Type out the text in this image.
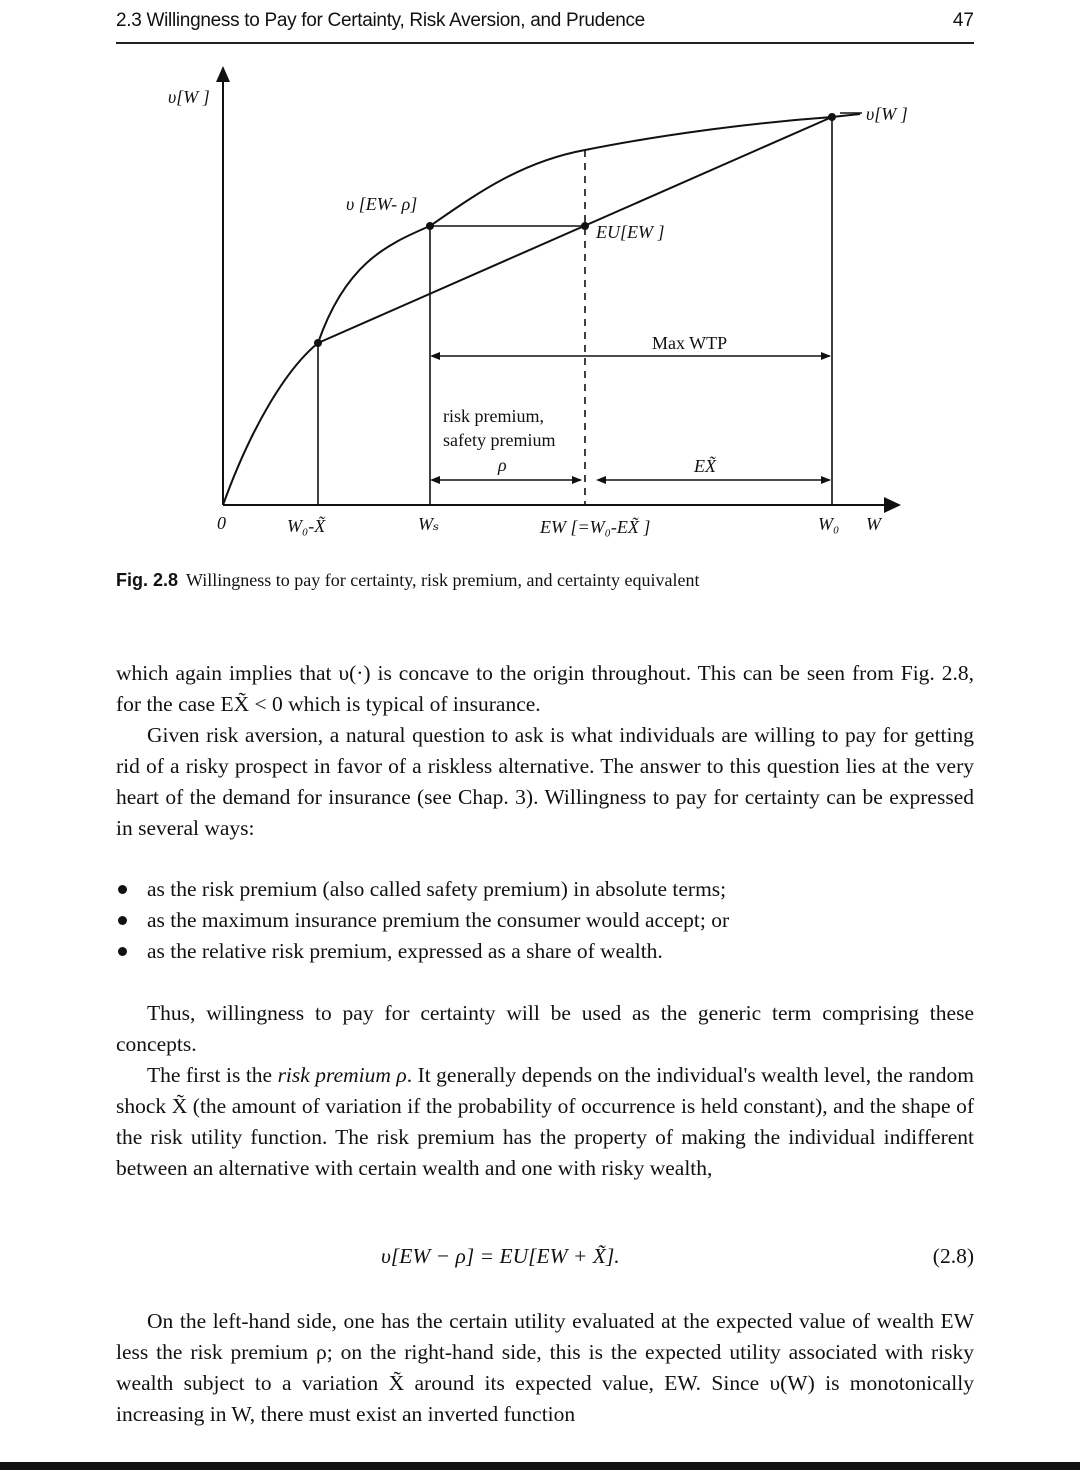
2.3 Willingness to Pay for Certainty, Risk Aversion, and Prudence	47
υ[W ]
υ[W ]
υ [EW- ρ]
EU[EW ]
Max WTP
risk premium,
safety premium
ρ	EX̃
0	W₀-X̃	Wₛ	EW [=W₀-EX̃ ]	W₀ W
Fig. 2.8 Willingness to pay for certainty, risk premium, and certainty equivalent

which again implies that υ(·) is concave to the origin throughout. This can be seen from Fig. 2.8, for the case EX̃ < 0 which is typical of insurance.

Given risk aversion, a natural question to ask is what individuals are willing to pay for getting rid of a risky prospect in favor of a riskless alternative. The answer to this question lies at the very heart of the demand for insurance (see Chap. 3). Willingness to pay for certainty can be expressed in several ways:

as the risk premium (also called safety premium) in absolute terms;
as the maximum insurance premium the consumer would accept; or
as the relative risk premium, expressed as a share of wealth.

Thus, willingness to pay for certainty will be used as the generic term comprising these concepts.

The first is the risk premium ρ. It generally depends on the individual's wealth level, the random shock X̃ (the amount of variation if the probability of occurrence is held constant), and the shape of the risk utility function. The risk premium has the property of making the individual indifferent between an alternative with certain wealth and one with risky wealth,

υ[EW − ρ] = EU[EW + X̃].	(2.8)

On the left-hand side, one has the certain utility evaluated at the expected value of wealth EW less the risk premium ρ; on the right-hand side, this is the expected utility associated with risky wealth subject to a variation X̃ around its expected value, EW. Since υ(W) is monotonically increasing in W, there must exist an inverted function
